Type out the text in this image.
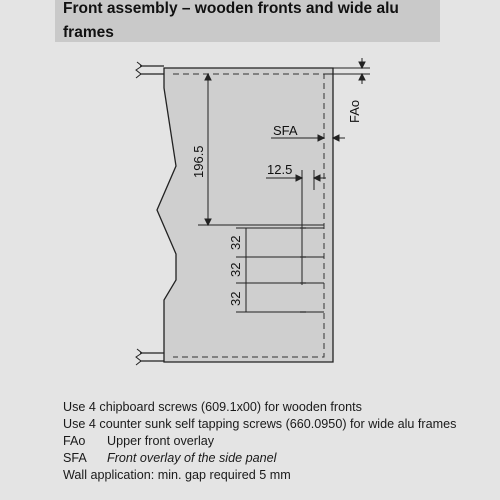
Front assembly – wooden fronts and wide alu frames
FAo
SFA
12.5
196.5
32
32
32
Use 4 chipboard screws (609.1x00) for wooden fronts
Use 4 counter sunk self tapping screws (660.0950) for wide alu frames
FAo	Upper front overlay
SFA	Front overlay of the side panel
Wall application: min. gap required 5 mm
